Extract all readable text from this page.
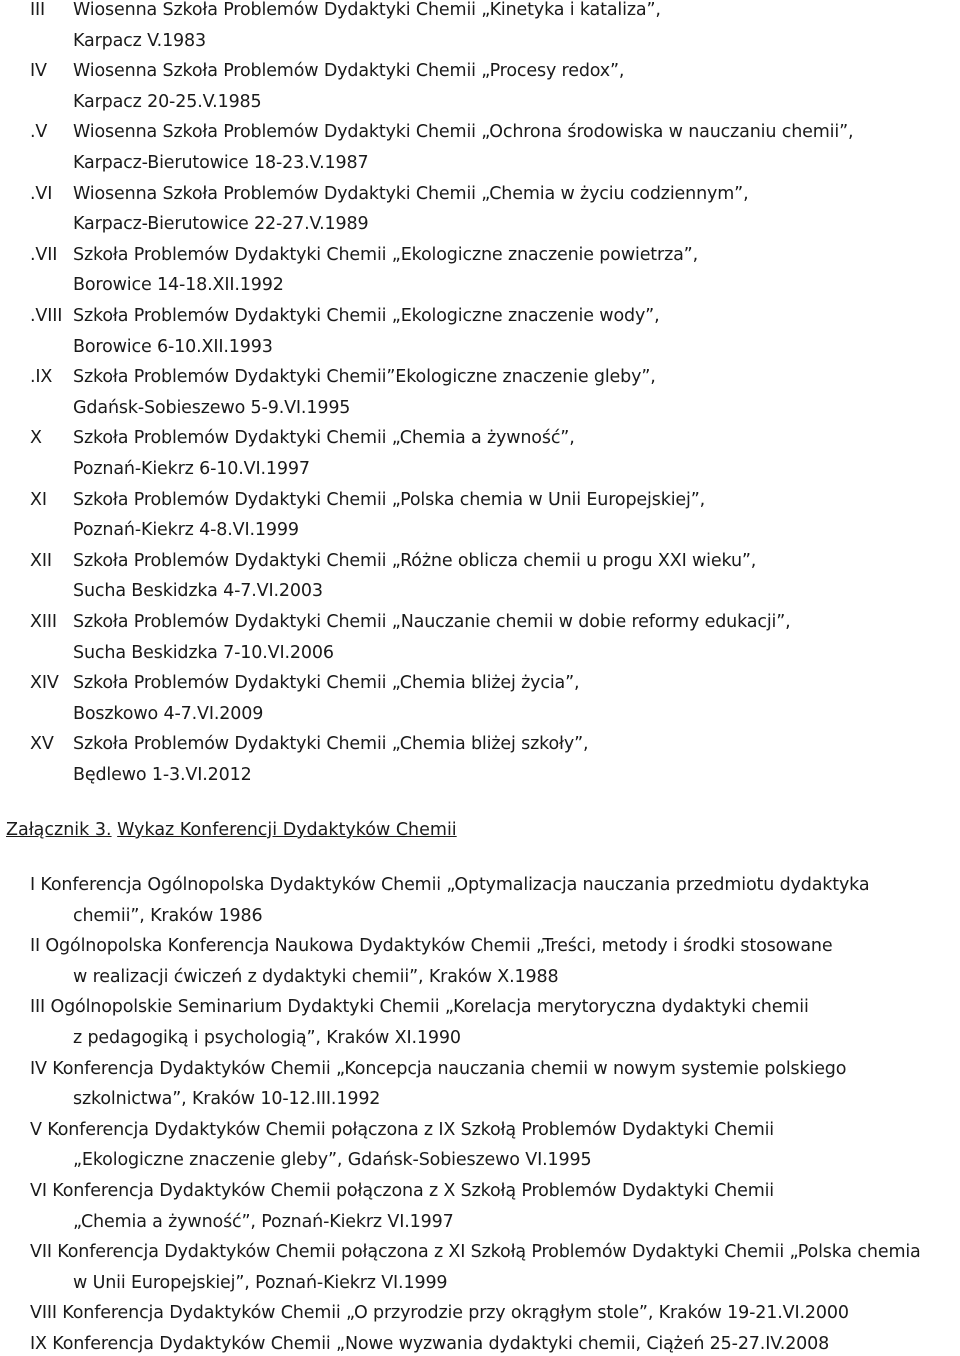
III Wiosenna Szkoła Problemów Dydaktyki Chemii „Kinetyka i kataliza”,
Karpacz V.1983
IV Wiosenna Szkoła Problemów Dydaktyki Chemii „Procesy redox”,
Karpacz 20-25.V.1985
.V Wiosenna Szkoła Problemów Dydaktyki Chemii „Ochrona środowiska w nauczaniu chemii”,
Karpacz-Bierutowice 18-23.V.1987
.VI Wiosenna Szkoła Problemów Dydaktyki Chemii „Chemia w życiu codziennym”,
Karpacz-Bierutowice 22-27.V.1989
.VII Szkoła Problemów Dydaktyki Chemii „Ekologiczne znaczenie powietrza”,
Borowice 14-18.XII.1992
.VIII Szkoła Problemów Dydaktyki Chemii „Ekologiczne znaczenie wody”,
Borowice 6-10.XII.1993
.IX Szkoła Problemów Dydaktyki Chemii”Ekologiczne znaczenie gleby”,
Gdańsk-Sobieszewo 5-9.VI.1995
X Szkoła Problemów Dydaktyki Chemii „Chemia a żywność”,
Poznań-Kiekrz 6-10.VI.1997
XI Szkoła Problemów Dydaktyki Chemii „Polska chemia w Unii Europejskiej”,
Poznań-Kiekrz 4-8.VI.1999
XII Szkoła Problemów Dydaktyki Chemii „Różne oblicza chemii u progu XXI wieku”,
Sucha Beskidzka 4-7.VI.2003
XIII Szkoła Problemów Dydaktyki Chemii „Nauczanie chemii w dobie reformy edukacji”,
Sucha Beskidzka 7-10.VI.2006
XIV Szkoła Problemów Dydaktyki Chemii „Chemia bliżej życia”,
Boszkowo 4-7.VI.2009
XV Szkoła Problemów Dydaktyki Chemii „Chemia bliżej szkoły”,
Będlewo 1-3.VI.2012
Załącznik 3. Wykaz Konferencji Dydaktyków Chemii
I Konferencja Ogólnopolska Dydaktyków Chemii „Optymalizacja nauczania przedmiotu dydaktyka
chemii”, Kraków 1986
II Ogólnopolska Konferencja Naukowa Dydaktyków Chemii „Treści, metody i środki stosowane
w realizacji ćwiczeń z dydaktyki chemii”, Kraków X.1988
III Ogólnopolskie Seminarium Dydaktyki Chemii „Korelacja merytoryczna dydaktyki chemii
z pedagogiką i psychologią”, Kraków XI.1990
IV Konferencja Dydaktyków Chemii „Koncepcja nauczania chemii w nowym systemie polskiego
szkolnictwa”, Kraków 10-12.III.1992
V Konferencja Dydaktyków Chemii połączona z IX Szkołą Problemów Dydaktyki Chemii
„Ekologiczne znaczenie gleby”, Gdańsk-Sobieszewo VI.1995
VI Konferencja Dydaktyków Chemii połączona z X Szkołą Problemów Dydaktyki Chemii
„Chemia a żywność”, Poznań-Kiekrz VI.1997
VII Konferencja Dydaktyków Chemii połączona z XI Szkołą Problemów Dydaktyki Chemii „Polska chemia
w Unii Europejskiej”, Poznań-Kiekrz VI.1999
VIII Konferencja Dydaktyków Chemii „O przyrodzie przy okrągłym stole”, Kraków 19-21.VI.2000
IX Konferencja Dydaktyków Chemii „Nowe wyzwania dydaktyki chemii, Ciążeń 25-27.IV.2008
